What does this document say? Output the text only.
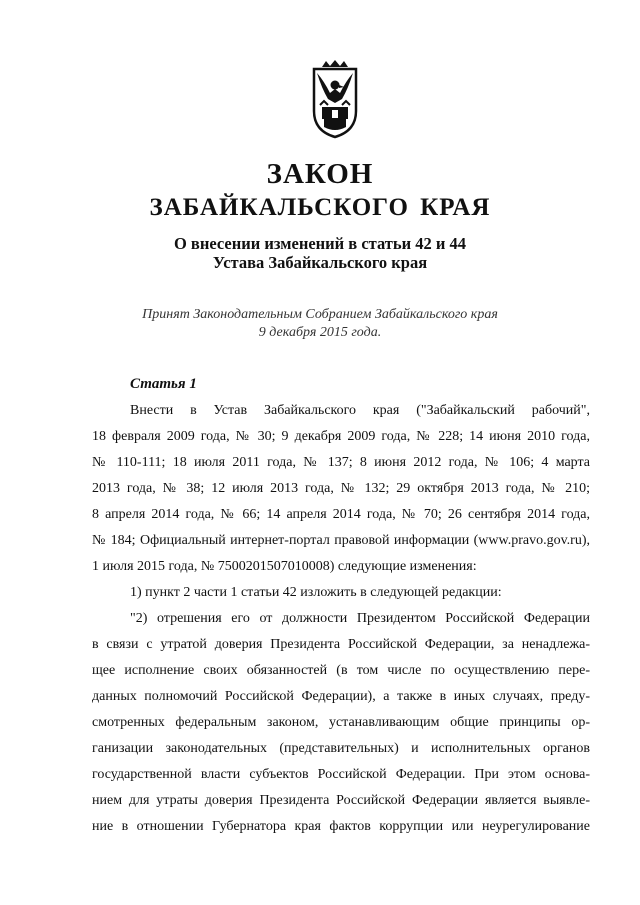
ЗАКОН
ЗАБАЙКАЛЬСКОГО КРАЯ
О внесении изменений в статьи 42 и 44
Устава Забайкальского края
Принят Законодательным Собранием Забайкальского края
9 декабря 2015 года.
Статья 1
Внести в Устав Забайкальского края ("Забайкальский рабочий",
18 февраля 2009 года, № 30; 9 декабря 2009 года, № 228; 14 июня 2010 года,
№ 110-111; 18 июля 2011 года, № 137; 8 июня 2012 года, № 106; 4 марта
2013 года, № 38; 12 июля 2013 года, № 132; 29 октября 2013 года, № 210;
8 апреля 2014 года, № 66; 14 апреля 2014 года, № 70; 26 сентября 2014 года,
№ 184; Официальный интернет-портал правовой информации (www.pravo.gov.ru),
1 июля 2015 года, № 7500201507010008) следующие изменения:
1) пункт 2 части 1 статьи 42 изложить в следующей редакции:
"2) отрешения его от должности Президентом Российской Федерации
в связи с утратой доверия Президента Российской Федерации, за ненадлежа-
щее исполнение своих обязанностей (в том числе по осуществлению пере-
данных полномочий Российской Федерации), а также в иных случаях, преду-
смотренных федеральным законом, устанавливающим общие принципы ор-
ганизации законодательных (представительных) и исполнительных органов
государственной власти субъектов Российской Федерации. При этом основа-
нием для утраты доверия Президента Российской Федерации является выявле-
ние в отношении Губернатора края фактов коррупции или неурегулирование
